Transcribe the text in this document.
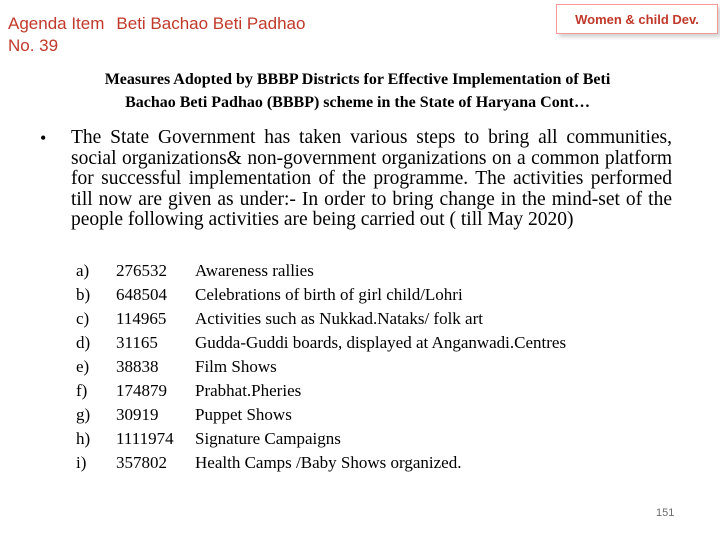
Agenda Item Beti Bachao Beti Padhao
No. 39
Women & child Dev.
Measures Adopted by BBBP Districts for Effective Implementation of Beti
Bachao Beti Padhao (BBBP) scheme in the State of Haryana Cont…
• The State Government has taken various steps to bring all communities, social organizations& non-government organizations on a common platform for successful implementation of the programme. The activities performed till now are given as under:- In order to bring change in the mind-set of the people following activities are being carried out ( till May 2020)
a)	276532	Awareness rallies
b)	648504	Celebrations of birth of girl child/Lohri
c)	114965	Activities such as Nukkad.Nataks/ folk art
d)	31165	Gudda-Guddi boards, displayed at Anganwadi.Centres
e)	38838	Film Shows
f)	174879	Prabhat.Pheries
g)	30919	Puppet Shows
h)	1111974	Signature Campaigns
i)	357802	Health Camps /Baby Shows organized.
151
